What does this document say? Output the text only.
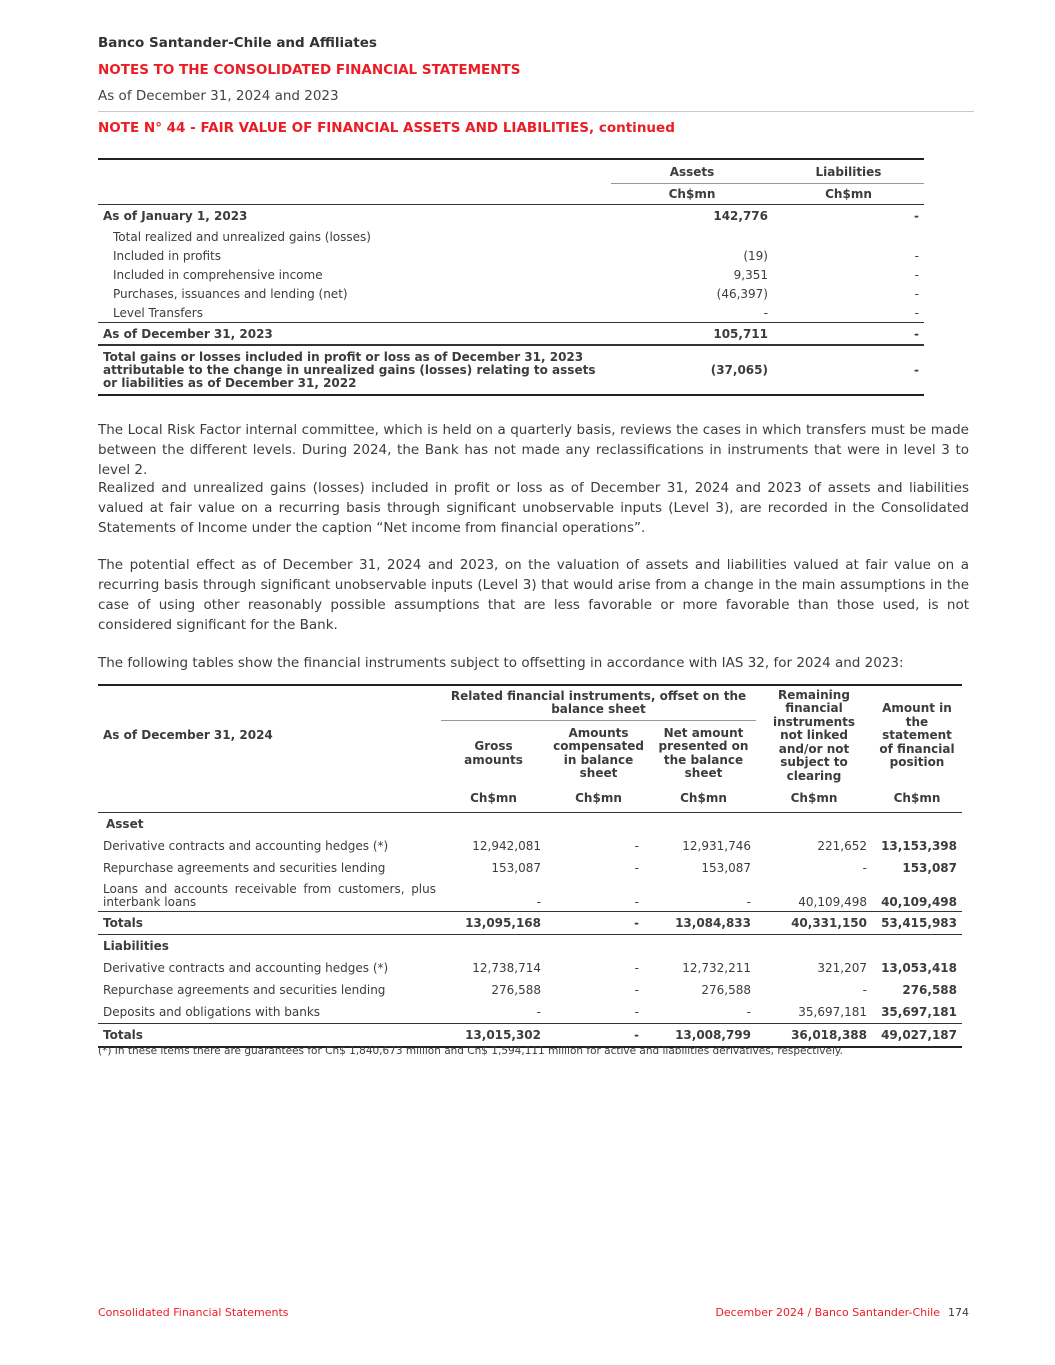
Banco Santander-Chile and Affiliates
NOTES TO THE CONSOLIDATED FINANCIAL STATEMENTS
As of December 31, 2024 and 2023
NOTE N° 44 - FAIR VALUE OF FINANCIAL ASSETS AND LIABILITIES, continued
	Assets	Liabilities
	Ch$mn	Ch$mn
As of January 1, 2023	142,776	-
Total realized and unrealized gains (losses)		
Included in profits	(19)	-
Included in comprehensive income	9,351	-
Purchases, issuances and lending (net)	(46,397)	-
Level Transfers	-	-
As of December 31, 2023	105,711	-
Total gains or losses included in profit or loss as of December 31, 2023 attributable to the change in unrealized gains (losses) relating to assets or liabilities as of December 31, 2022	(37,065)	-

The Local Risk Factor internal committee, which is held on a quarterly basis, reviews the cases in which transfers must be made between the different levels. During 2024, the Bank has not made any reclassifications in instruments that were in level 3 to level 2.

Realized and unrealized gains (losses) included in profit or loss as of December 31, 2024 and 2023 of assets and liabilities valued at fair value on a recurring basis through significant unobservable inputs (Level 3), are recorded in the Consolidated Statements of Income under the caption “Net income from financial operations”.

The potential effect as of December 31, 2024 and 2023, on the valuation of assets and liabilities valued at fair value on a recurring basis through significant unobservable inputs (Level 3) that would arise from a change in the main assumptions in the case of using other reasonably possible assumptions that are less favorable or more favorable than those used, is not considered significant for the Bank.

The following tables show the financial instruments subject to offsetting in accordance with IAS 32, for 2024 and 2023:

As of December 31, 2024	Related financial instruments, offset on the balance sheet			Remaining financial instruments not linked and/or not subject to clearing	Amount in the statement of financial position
	Gross amounts	Amounts compensated in balance sheet	Net amount presented on the balance sheet		
	Ch$mn	Ch$mn	Ch$mn	Ch$mn	Ch$mn
Asset					
Derivative contracts and accounting hedges (*)	12,942,081	-	12,931,746	221,652	13,153,398
Repurchase agreements and securities lending	153,087	-	153,087	-	153,087
Loans and accounts receivable from customers, plus interbank loans	-	-	-	40,109,498	40,109,498
Totals	13,095,168	-	13,084,833	40,331,150	53,415,983
Liabilities					
Derivative contracts and accounting hedges (*)	12,738,714	-	12,732,211	321,207	13,053,418
Repurchase agreements and securities lending	276,588	-	276,588	-	276,588
Deposits and obligations with banks	-	-	-	35,697,181	35,697,181
Totals	13,015,302	-	13,008,799	36,018,388	49,027,187
(*) In these items there are guarantees for Ch$ 1,840,673 million and Ch$ 1,594,111 million for active and liabilities derivatives, respectively.
Consolidated Financial Statements	December 2024 / Banco Santander-Chile 174
